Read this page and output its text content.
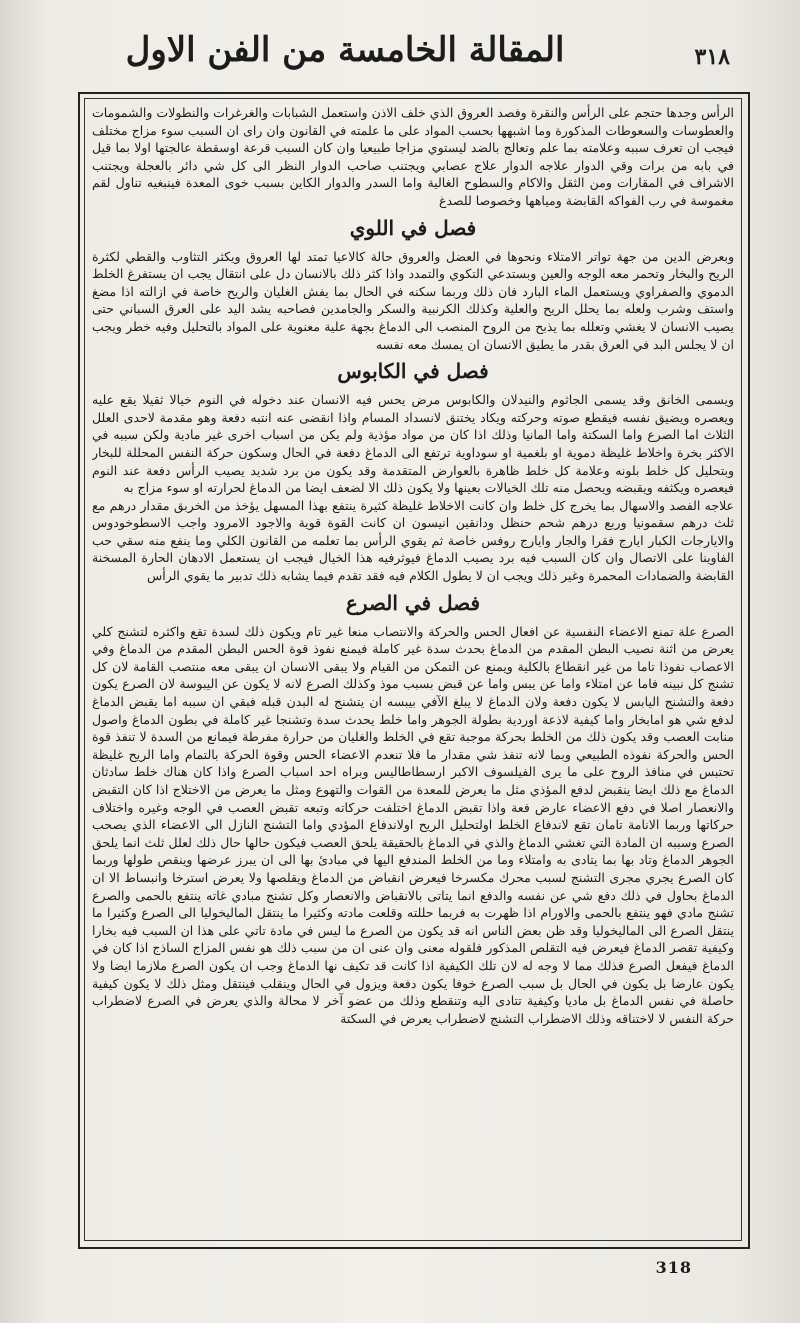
المقالة الخامسة من الفن الاول	٣١٨

الرأس وجدها حتجم على الرأس والنقرة وفصد العروق الذي خلف الاذن واستعمل الشبابات والغرغرات والنطولات والشمومات والعطوسات والسعوطات المذكورة وما اشبهها بحسب المواد على ما علمته في القانون وان راى ان السبب سوء مزاج مختلف فيجب ان تعرف سببه وعلامته بما علم وتعالج بالضد ليستوي مزاجا طبيعيا وان كان السبب قرعة اوسقطة عالجتها اولا بما قيل في بابه من برات وقي الدوار علاجه الدوار علاج عصابي ويجتنب صاحب الدوار النظر الى كل شي دائر بالعجلة ويجتنب الاشراف في المقارات ومن الثقل والاكام والسطوح الغالية واما السدر والدوار الكاين بسبب خوى المعدة فينبغيه تناول لقم مغموسة في رب الفواكه القابضة ومياهها وخصوصا للصدغ

فصل في اللوي

وبعرض الدين من جهة تواتر الامتلاء ونحوها في العضل والعروق حالة كالاعيا تمتد لها العروق ويكثر التثاوب والقطي لكثرة الريح والبخار وتحمر معه الوجه والعين وبستدعي التكوي والتمدد واذا كثر ذلك بالانسان دل على انتقال يجب ان يستفرغ الخلط الدموي والصفراوي ويستعمل الماء البارد فان ذلك وربما سكنه في الحال بما يفش الغليان والريح خاصة في ازالته اذا مضغ واستف وشرب ولعله بما يحلل الريح والعلية وكذلك الكرنبية والسكر والجامدين فصاحبه يشد اليد على العرق السباني حتى يصيب الانسان لا يغشي وتعلله بما يذبح من الروح المنصب الى الدماغ بجهة علية معنوية على المواد بالتحليل وفيه خطر ويجب ان لا يجلس البد في العرق بقدر ما يطيق الانسان ان يمسك معه نفسه

فصل في الكابوس

ويسمى الخانق وقد يسمى الجاثوم والنيدلان والكابوس مرض يحس فيه الانسان عند دخوله في النوم خيالا ثقيلا يقع عليه ويعصره ويضيق نفسه فيقطع صوته وحركته ويكاد يختنق لانسداد المسام واذا انقضى عنه انتبه دفعة وهو مقدمة لاحدى العلل الثلاث اما الصرع واما السكتة واما المانيا وذلك اذا كان من مواد مؤذية ولم يكن من اسباب اخرى غير مادية ولكن سببه في الاكثر بخرة واخلاط غليظة دموية او بلغمية او سوداوية ترتفع الى الدماغ دفعة في الحال وسكون حركة النفس المحللة للبخار وبتحليل كل خلط بلونه وعلامة كل خلط ظاهرة بالعوارض المتقدمة وقد يكون من برد شديد يصيب الرأس دفعة عند النوم فيعصره ويكثفه ويقبضه ويحصل منه تلك الخيالات بعينها ولا يكون ذلك الا لضعف ايضا من الدماغ لحرارته او سوء مزاج به

علاجه الفصد والاسهال بما يخرج كل خلط وان كانت الاخلاط غليظة كثيرة ينتفع بهذا المسهل يؤخذ من الخربق مقدار درهم مع ثلث درهم سقمونيا وربع درهم شحم حنظل ودانقين انيسون ان كانت القوة قوية والاجود الامرود واجب الاسطوخودوس والايارجات الكبار ايارج فقرا والجار وايارج روفس خاصة ثم يقوي الرأس بما تعلمه من القانون الكلي وما ينفع منه سقي حب الفاوينا على الاتصال وان كان السبب فيه برد يصيب الدماغ فيوثرفيه هذا الخيال فيجب ان يستعمل الادهان الحارة المسخنة القابضة والضمادات المحمرة وغير ذلك ويجب ان لا يطول الكلام فيه فقد تقدم فيما يشابه ذلك تدبير ما يقوي الرأس

فصل في الصرع

الصرع علة تمنع الاعضاء النفسية عن افعال الحس والحركة والانتصاب منعا غير تام ويكون ذلك لسدة تقع واكثره لتشنج كلي يعرض من اثنة نصيب البطن المقدم من الدماغ بحدث سدة غير كاملة فيمنع نفوذ قوة الحس البطن المقدم من الدماغ وفي الاعصاب نفوذا تاما من غير انقطاع بالكلية ويمنع عن التمكن من القيام ولا يبقى الانسان ان يبقى معه منتصب القامة لان كل تشنج كل نبينه فاما عن امتلاء واما عن يبس واما عن قبض بسبب موذ وكذلك الصرع لانه لا يكون عن اليبوسة لان الصرع يكون دفعة والتشنج اليابس لا يكون دفعة ولان الدماغ لا يبلغ الآفي بيبسه ان يتشنج له البدن قبله فبقي ان سببه اما يقبض الدماغ لدفع شي هو امابخار واما كيفية لاذعة اوردية بطولة الجوهر واما خلط يحدث سدة وتشنجا غير كاملة في بطون الدماغ واصول منابت العصب وقد يكون ذلك من الخلط بحركة موجبة تقع في الخلط والغليان من حرارة مفرطة فيمانع من السدة لا تنفذ قوة الحس والحركة نفوذه الطبيعي وبما لانه تنفذ شي مقدار ما فلا تنعدم الاعضاء الحس وقوة الحركة بالتمام واما الريح غليظة تحتبس في منافذ الروح على ما يرى الفيلسوف الاكبر ارسطاطاليس وبراه احد اسباب الصرع واذا كان هناك خلط سادثان الدماغ مع ذلك ايضا ينقبض لدفع المؤذي مثل ما يعرض للمعدة من القوات والتهوع ومثل ما يعرض من الاختلاج اذا كان التقبض والانعصار اصلا في دفع الاعضاء عارض فعة واذا تقبض الدماغ اختلفت حركاته وتبعه تقبض العصب في الوجه وغيره واختلاف حركاتها وربما الانامة تامان تقع لاندفاع الخلط اولتحليل الريح اولاندفاع المؤدي واما التشنج النازل الى الاعضاء الذي يصحب الصرع وسببه ان المادة التي تغشي الدماغ والذي في الدماغ بالحقيقة يلحق العصب فيكون حالها حال ذلك لعلل ثلث انما يلحق الجوهر الدماغ وتاد بها بما يتادى به وامتلاء وما من الخلط المندفع اليها في مبادئ بها الى ان يبرز عرضها وينقص طولها وربما كان الصرع يجري مجرى التشنج لسبب محرك مكسرخا فيعرض انقباض من الدماغ ويقلصها ولا يعرض استرخا وانبساط الا ان الدماغ بحاول في ذلك دفع شي عن نفسه والدفع انما يتاتى بالانقباض والانعصار وكل تشنج مبادي غاته ينتفع بالحمى والصرع تشنج مادي فهو ينتفع بالحمى والاورام اذا ظهرت به فربما حللته وقلعت مادته وكثيرا ما ينتقل الماليخوليا الى الصرع وكثيرا ما ينتقل الصرع الى الماليخوليا وقد ظن بعض الناس انه قد يكون من الصرع ما ليس في مادة تاتي على هذا ان السبب فيه بخارا وكيفية تقصر الدماغ فيعرض فيه التقلص المذكور فلقوله معنى وان عنى ان من سبب ذلك هو نفس المزاج الساذج اذا كان في الدماغ فيفعل الصرع فذلك مما لا وجه له لان تلك الكيفية اذا كانت قد تكيف نها الدماغ وجب ان يكون الصرع ملازما ايضا ولا يكون عارضا بل يكون في الحال بل سبب الصرع خوفا يكون دفعة ويزول في الحال وينقلب فينتقل ومثل ذلك لا يكون كيفية حاصلة في نفس الدماغ بل ماديا وكيفية تتادى اليه وتنقطع وذلك من عضو آخر لا محالة والذي يعرض في الصرع لاضطراب حركة النفس لا لاختناقه وذلك الاضطراب التشنج لاضطراب يعرض في السكتة

318
